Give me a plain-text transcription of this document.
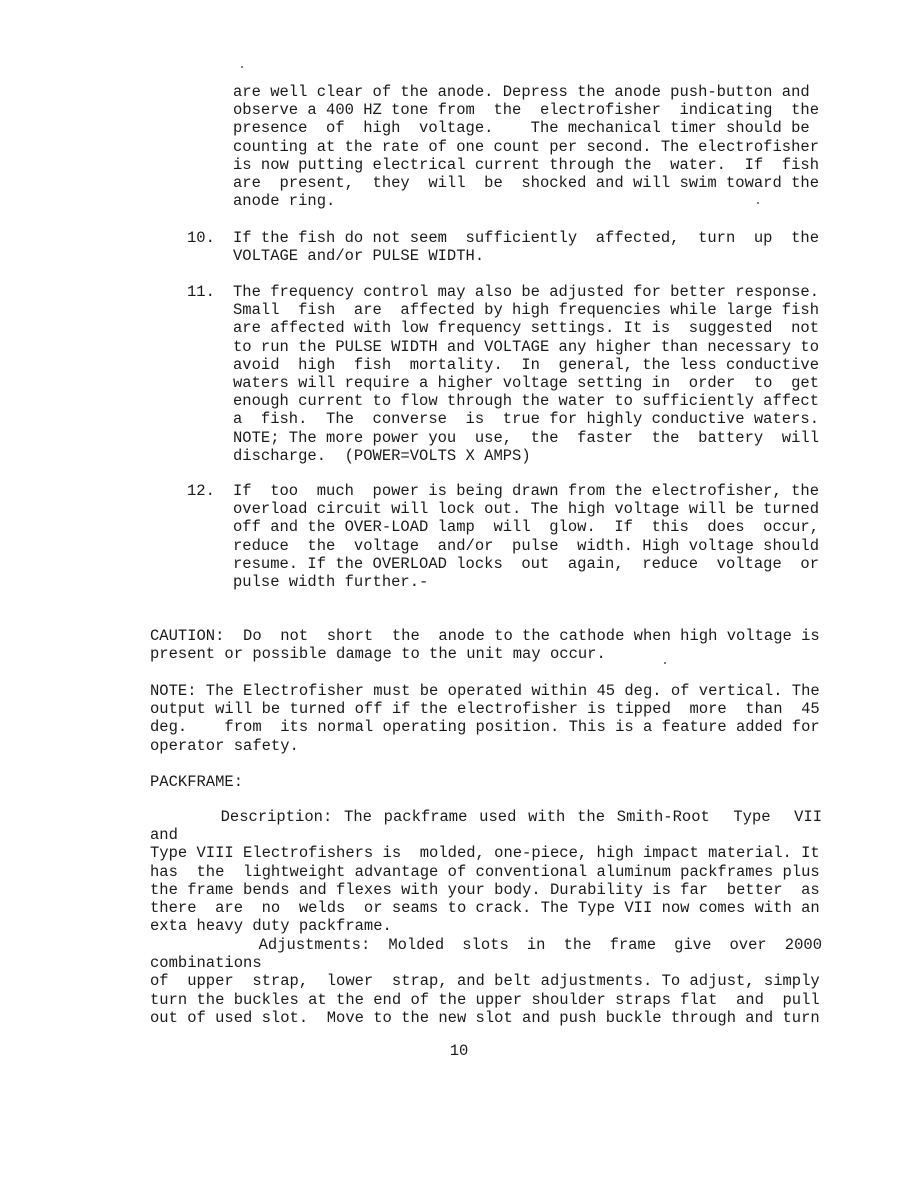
are well clear of the anode. Depress the anode push-button and
observe a 400 HZ tone from  the  electrofisher  indicating  the
presence  of  high  voltage.    The mechanical timer should be
counting at the rate of one count per second. The electrofisher
is now putting electrical current through the  water.  If  fish
are  present,  they  will  be  shocked and will swim toward the
anode ring.
10. If the fish do not seem  sufficiently  affected,  turn  up  the
VOLTAGE and/or PULSE WIDTH.
11. The frequency control may also be adjusted for better response.
Small  fish  are  affected by high frequencies while large fish
are affected with low frequency settings. It is  suggested  not
to run the PULSE WIDTH and VOLTAGE any higher than necessary to
avoid  high  fish  mortality.  In  general, the less conductive
waters will require a higher voltage setting in  order  to  get
enough current to flow through the water to sufficiently affect
a  fish.  The  converse  is  true for highly conductive waters.
NOTE; The more power you  use,  the  faster  the  battery  will
discharge.  (POWER=VOLTS X AMPS)
12. If  too  much  power is being drawn from the electrofisher, the
overload circuit will lock out. The high voltage will be turned
off and the OVER-LOAD lamp  will  glow.  If  this  does  occur,
reduce  the  voltage  and/or  pulse  width. High voltage should
resume. If the OVERLOAD locks  out  again,  reduce  voltage  or
pulse width further.-
CAUTION:  Do  not  short  the  anode to the cathode when high voltage is
present or possible damage to the unit may occur.
NOTE: The Electrofisher must be operated within 45 deg. of vertical. The
output will be turned off if the electrofisher is tipped  more  than  45
deg.    from  its normal operating position. This is a feature added for
operator safety.
PACKFRAME:
Description: The packframe used with the Smith-Root  Type  VII  and
Type VIII Electrofishers is  molded, one-piece, high impact material. It
has  the  lightweight advantage of conventional aluminum packframes plus
the frame bends and flexes with your body. Durability is far  better  as
there  are  no  welds  or seams to crack. The Type VII now comes with an
exta heavy duty packframe.
Adjustments: Molded slots in the frame give over 2000  combinations
of  upper  strap,  lower  strap, and belt adjustments. To adjust, simply
turn the buckles at the end of the upper shoulder straps flat  and  pull
out of used slot.  Move to the new slot and push buckle through and turn
10
